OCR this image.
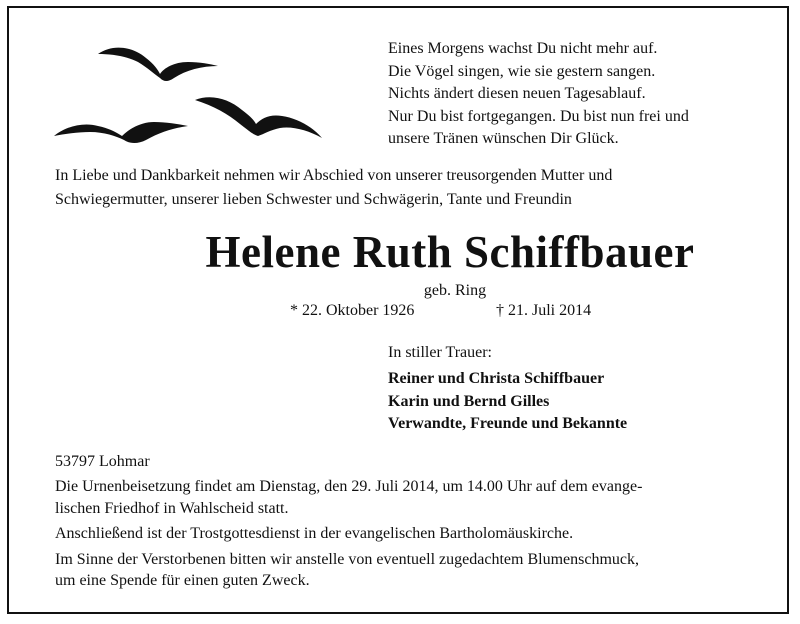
Eines Morgens wachst Du nicht mehr auf.
Die Vögel singen, wie sie gestern sangen.
Nichts ändert diesen neuen Tagesablauf.
Nur Du bist fortgegangen. Du bist nun frei und
unsere Tränen wünschen Dir Glück.
In Liebe und Dankbarkeit nehmen wir Abschied von unserer treusorgenden Mutter und
Schwiegermutter, unserer lieben Schwester und Schwägerin, Tante und Freundin
Helene Ruth Schiffbauer
geb. Ring
* 22. Oktober 1926	† 21. Juli 2014
In stiller Trauer:
Reiner und Christa Schiffbauer
Karin und Bernd Gilles
Verwandte, Freunde und Bekannte
53797 Lohmar
Die Urnenbeisetzung findet am Dienstag, den 29. Juli 2014, um 14.00 Uhr auf dem evange-
lischen Friedhof in Wahlscheid statt.
Anschließend ist der Trostgottesdienst in der evangelischen Bartholomäuskirche.
Im Sinne der Verstorbenen bitten wir anstelle von eventuell zugedachtem Blumenschmuck,
um eine Spende für einen guten Zweck.
